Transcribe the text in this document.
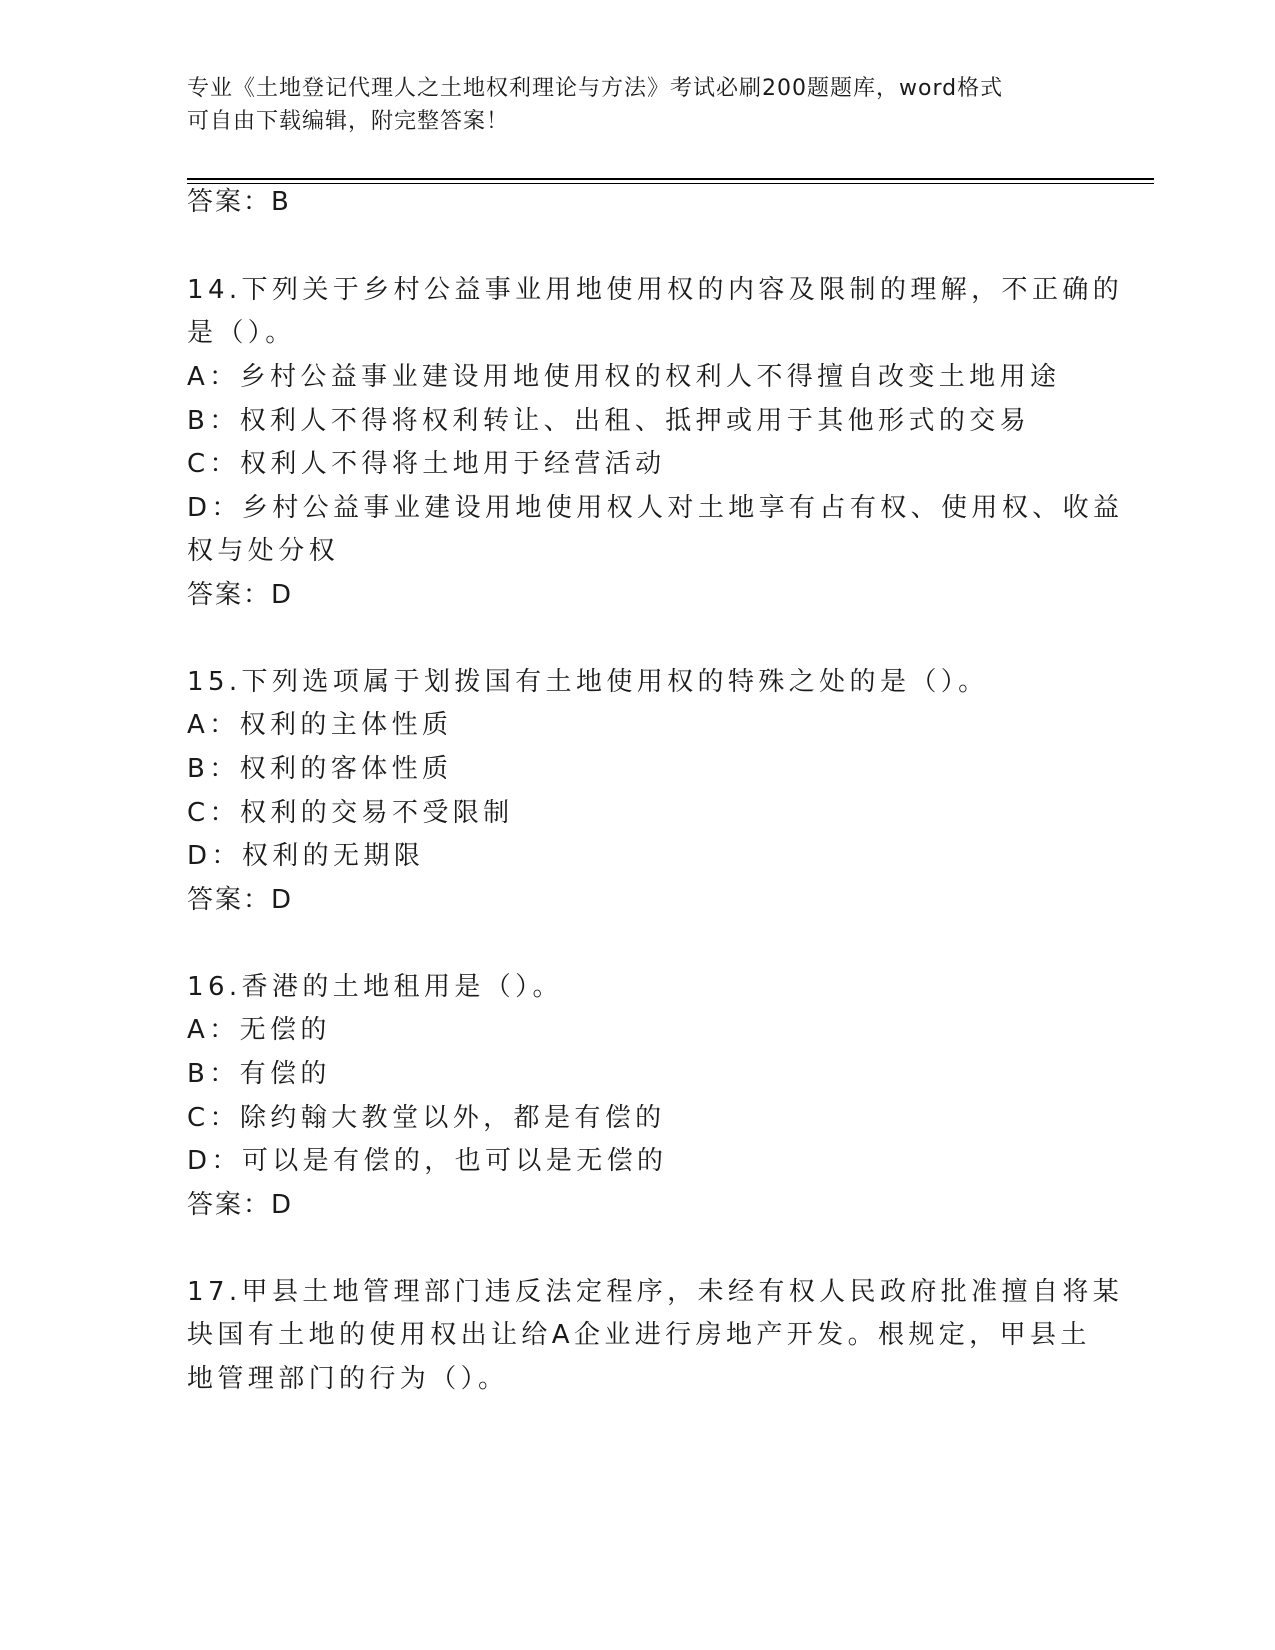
专业《土地登记代理人之土地权利理论与方法》考试必刷200题题库，word格式
可自由下载编辑，附完整答案！
答案：B
14.下列关于乡村公益事业用地使用权的内容及限制的理解，不正确的
是（）。
A：乡村公益事业建设用地使用权的权利人不得擅自改变土地用途
B：权利人不得将权利转让、出租、抵押或用于其他形式的交易
C：权利人不得将土地用于经营活动
D：乡村公益事业建设用地使用权人对土地享有占有权、使用权、收益
权与处分权
答案：D
15.下列选项属于划拨国有土地使用权的特殊之处的是（）。
A：权利的主体性质
B：权利的客体性质
C：权利的交易不受限制
D：权利的无期限
答案：D
16.香港的土地租用是（）。
A：无偿的
B：有偿的
C：除约翰大教堂以外，都是有偿的
D：可以是有偿的，也可以是无偿的
答案：D
17.甲县土地管理部门违反法定程序，未经有权人民政府批准擅自将某
块国有土地的使用权出让给A企业进行房地产开发。根规定，甲县土
地管理部门的行为（）。
